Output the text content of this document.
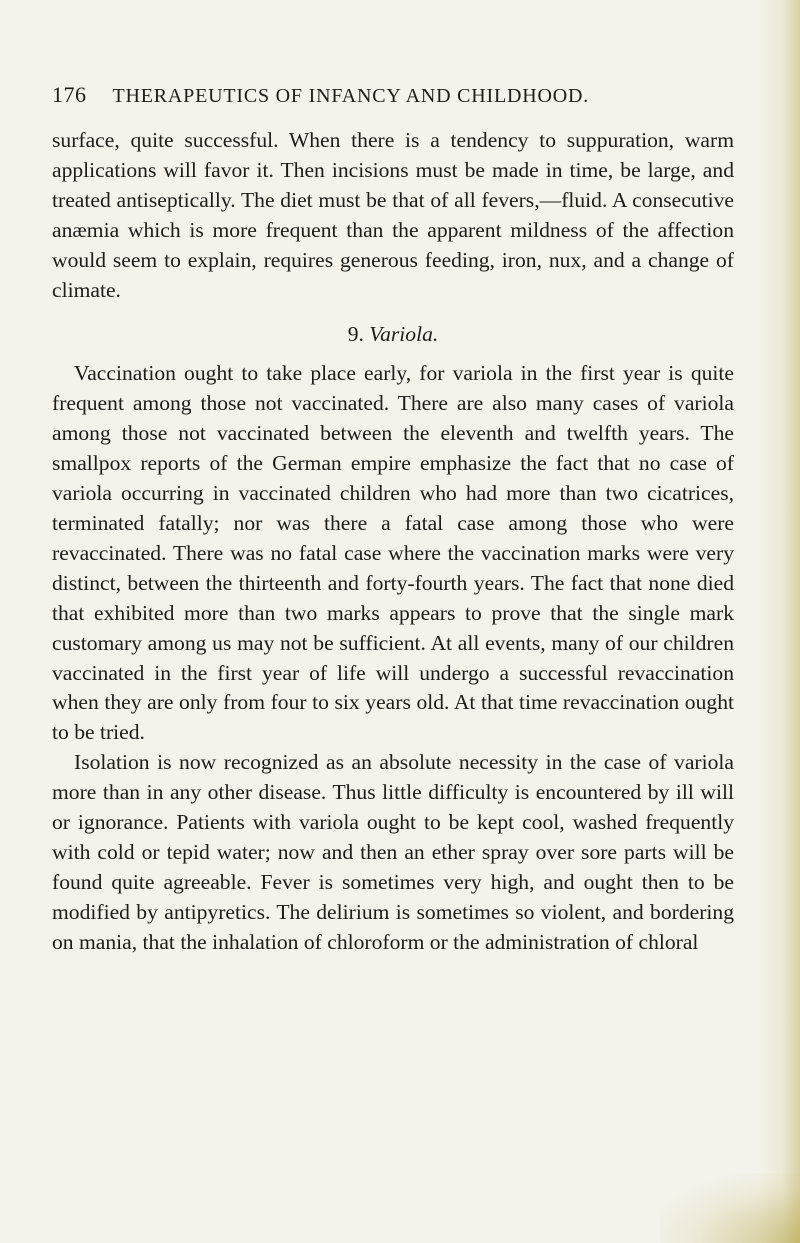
176 THERAPEUTICS OF INFANCY AND CHILDHOOD.

surface, quite successful. When there is a tendency to suppuration, warm applications will favor it. Then incisions must be made in time, be large, and treated antiseptically. The diet must be that of all fevers,—fluid. A consecutive anæmia which is more frequent than the apparent mildness of the affection would seem to explain, requires generous feeding, iron, nux, and a change of climate.

9. Variola.

Vaccination ought to take place early, for variola in the first year is quite frequent among those not vaccinated. There are also many cases of variola among those not vaccinated between the eleventh and twelfth years. The smallpox reports of the German empire emphasize the fact that no case of variola occurring in vaccinated children who had more than two cicatrices, terminated fatally; nor was there a fatal case among those who were revaccinated. There was no fatal case where the vaccination marks were very distinct, between the thirteenth and forty-fourth years. The fact that none died that exhibited more than two marks appears to prove that the single mark customary among us may not be sufficient. At all events, many of our children vaccinated in the first year of life will undergo a successful revaccination when they are only from four to six years old. At that time revaccination ought to be tried.

Isolation is now recognized as an absolute necessity in the case of variola more than in any other disease. Thus little difficulty is encountered by ill will or ignorance. Patients with variola ought to be kept cool, washed frequently with cold or tepid water; now and then an ether spray over sore parts will be found quite agreeable. Fever is sometimes very high, and ought then to be modified by antipyretics. The delirium is sometimes so violent, and bordering on mania, that the inhalation of chloroform or the administration of chloral
